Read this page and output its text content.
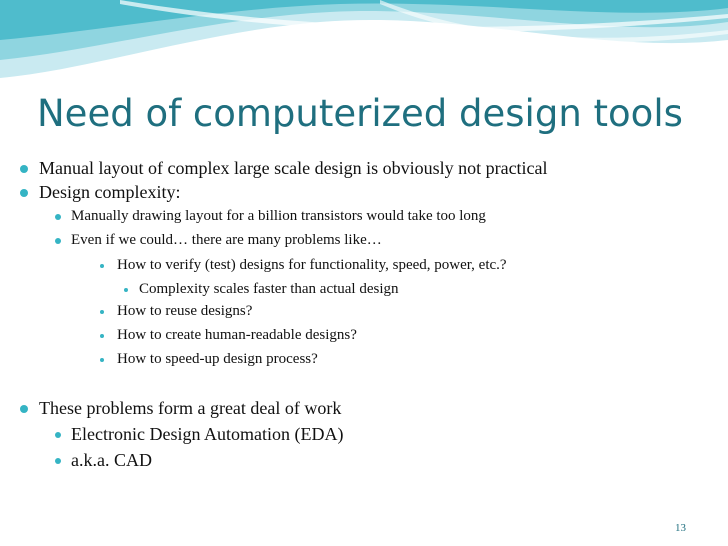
Need of computerized design tools
Manual layout of complex large scale design is obviously not practical
Design complexity:
Manually drawing layout for a billion transistors would take too long
Even if we could… there are many problems like…
How to verify (test) designs for functionality, speed, power, etc.?
Complexity scales faster than actual design
How to reuse designs?
How to create human-readable designs?
How to speed-up design process?
These problems form a great deal of work
Electronic Design Automation (EDA)
a.k.a. CAD
13
